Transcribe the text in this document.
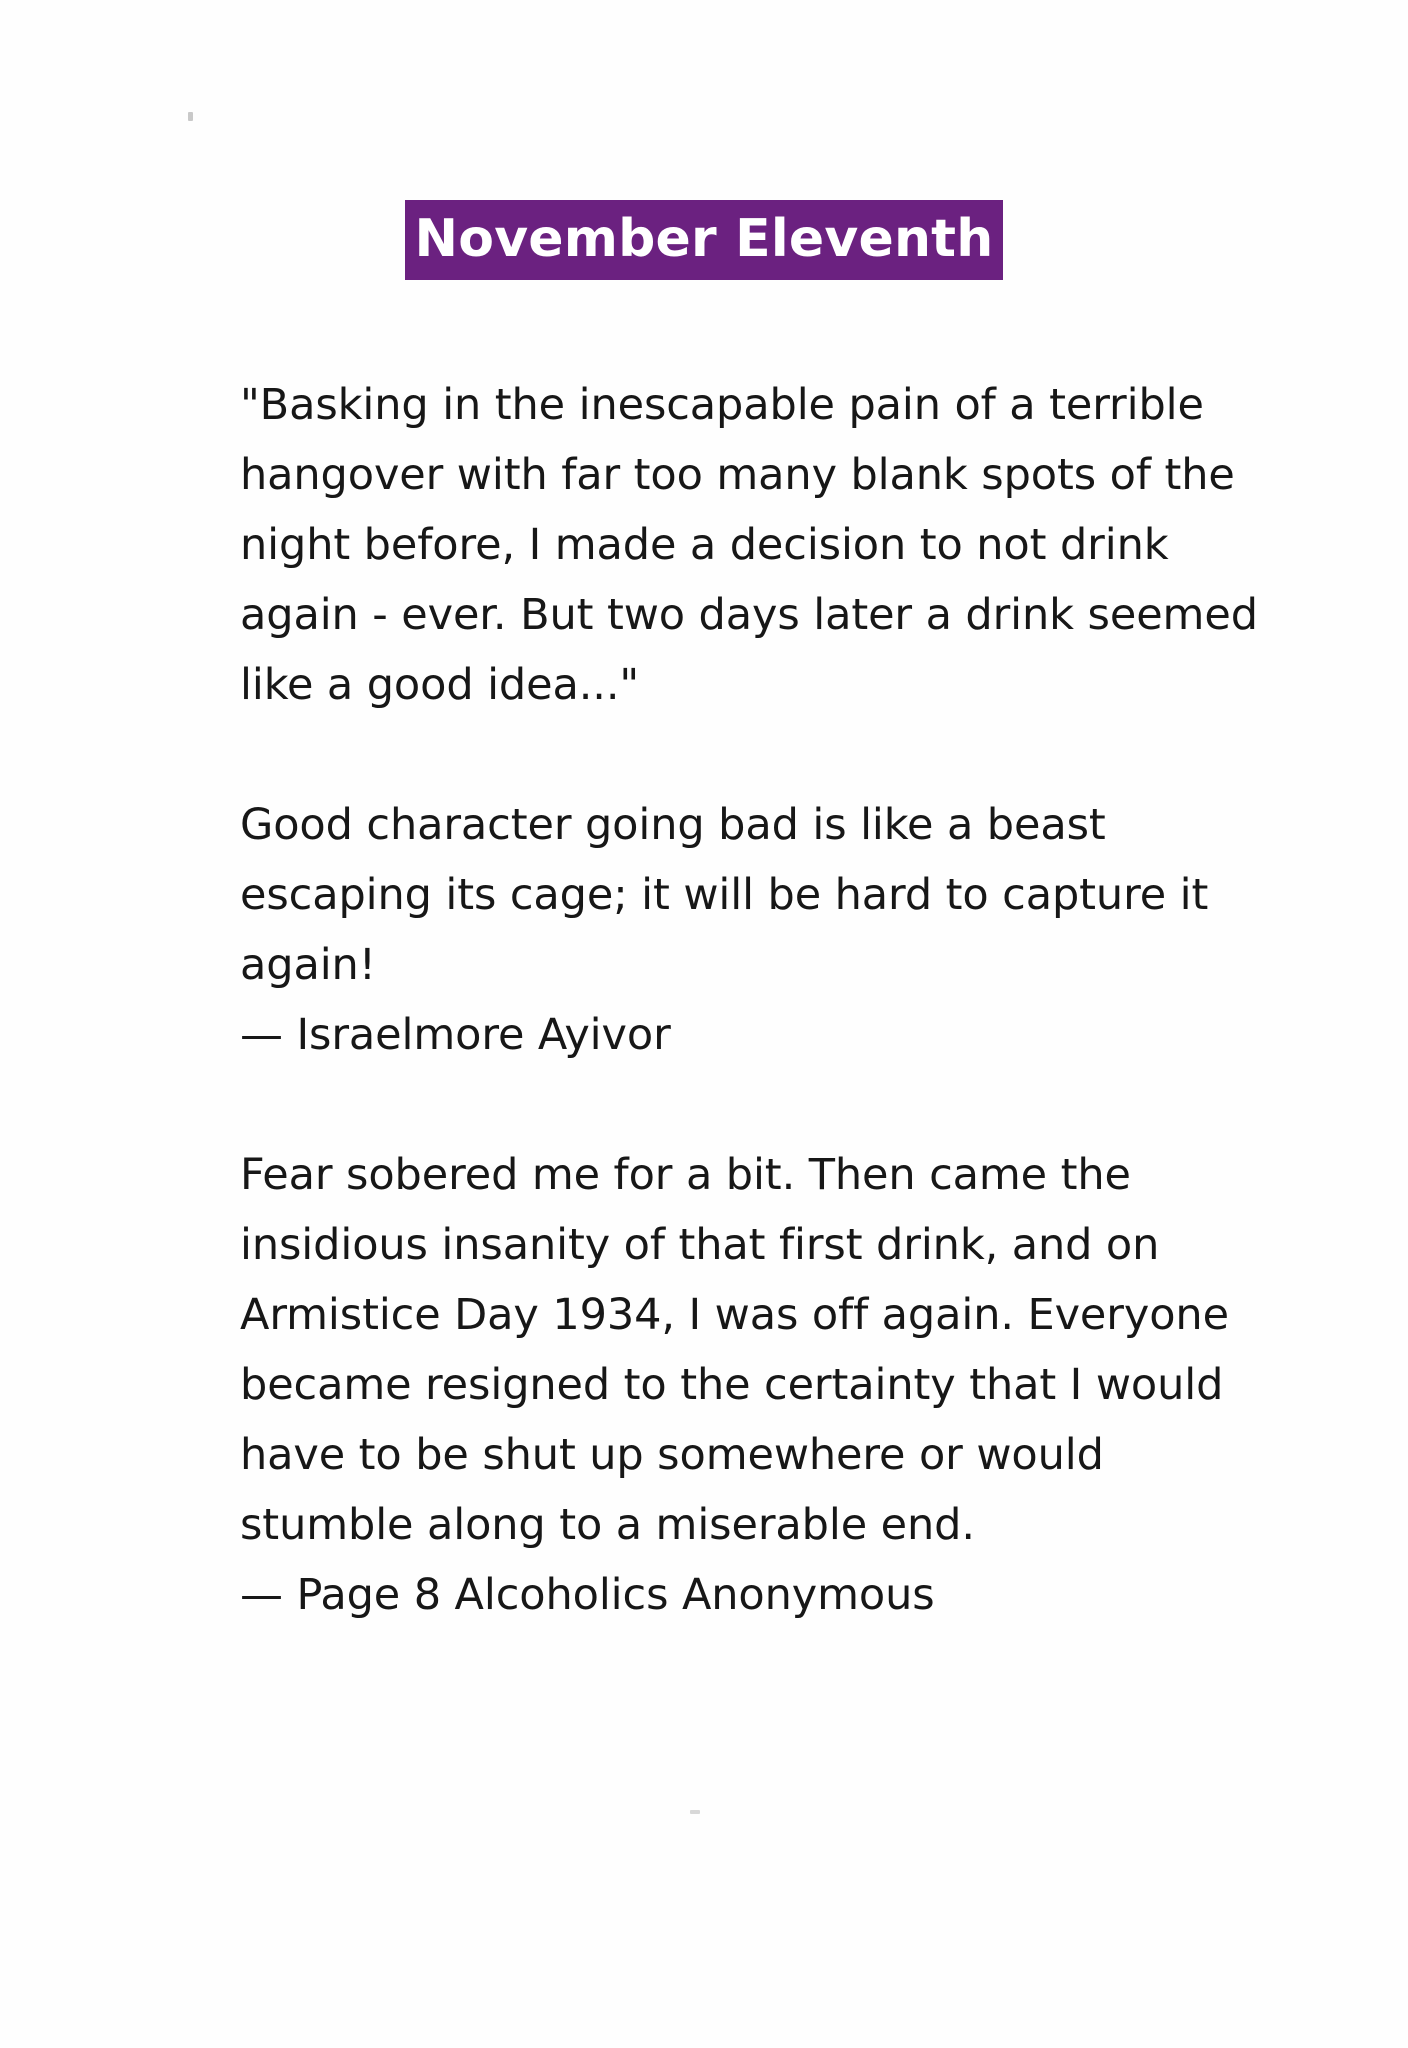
November Eleventh

"Basking in the inescapable pain of a terrible hangover with far too many blank spots of the night before, I made a decision to not drink again - ever. But two days later a drink seemed like a good idea..."

Good character going bad is like a beast escaping its cage; it will be hard to capture it again!

— Israelmore Ayivor

Fear sobered me for a bit. Then came the insidious insanity of that first drink, and on Armistice Day 1934, I was off again. Everyone became resigned to the certainty that I would have to be shut up somewhere or would stumble along to a miserable end.

— Page 8 Alcoholics Anonymous
